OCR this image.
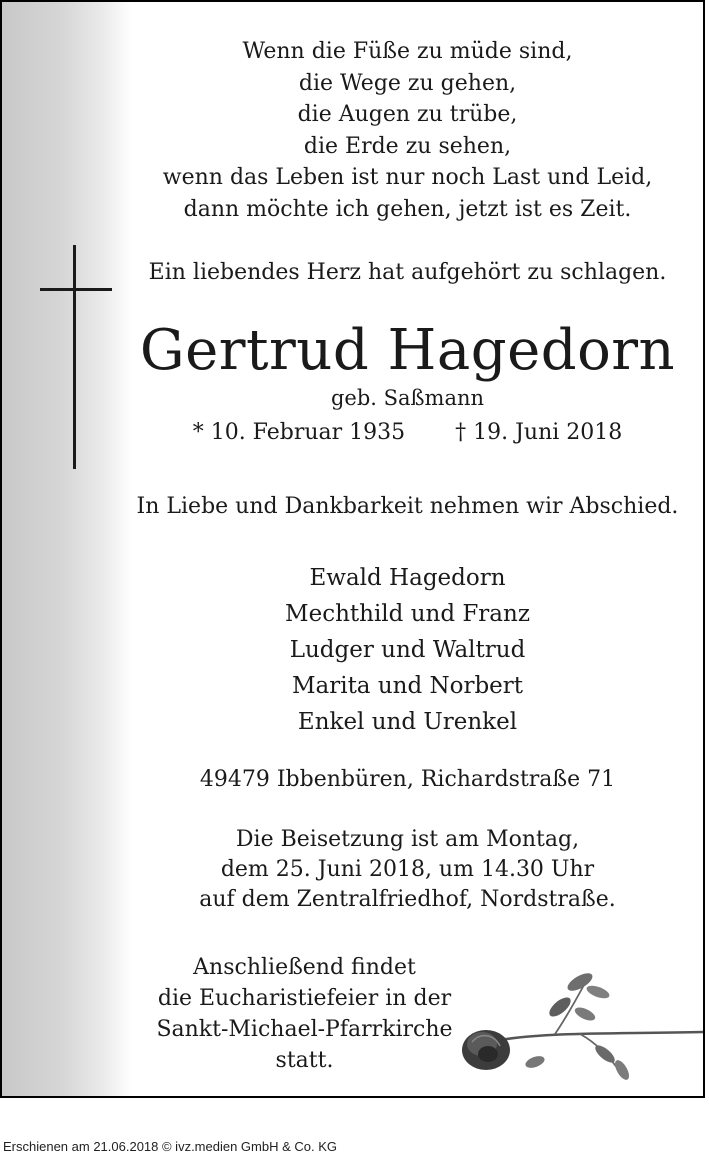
Wenn die Füße zu müde sind,
die Wege zu gehen,
die Augen zu trübe,
die Erde zu sehen,
wenn das Leben ist nur noch Last und Leid,
dann möchte ich gehen, jetzt ist es Zeit.
Ein liebendes Herz hat aufgehört zu schlagen.
Gertrud Hagedorn
geb. Saßmann
* 10. Februar 1935 † 19. Juni 2018
In Liebe und Dankbarkeit nehmen wir Abschied.
Ewald Hagedorn
Mechthild und Franz
Ludger und Waltrud
Marita und Norbert
Enkel und Urenkel
49479 Ibbenbüren, Richardstraße 71
Die Beisetzung ist am Montag,
dem 25. Juni 2018, um 14.30 Uhr
auf dem Zentralfriedhof, Nordstraße.
Anschließend findet
die Eucharistiefeier in der
Sankt-Michael-Pfarrkirche
statt.
Erschienen am 21.06.2018 © ivz.medien GmbH & Co. KG
